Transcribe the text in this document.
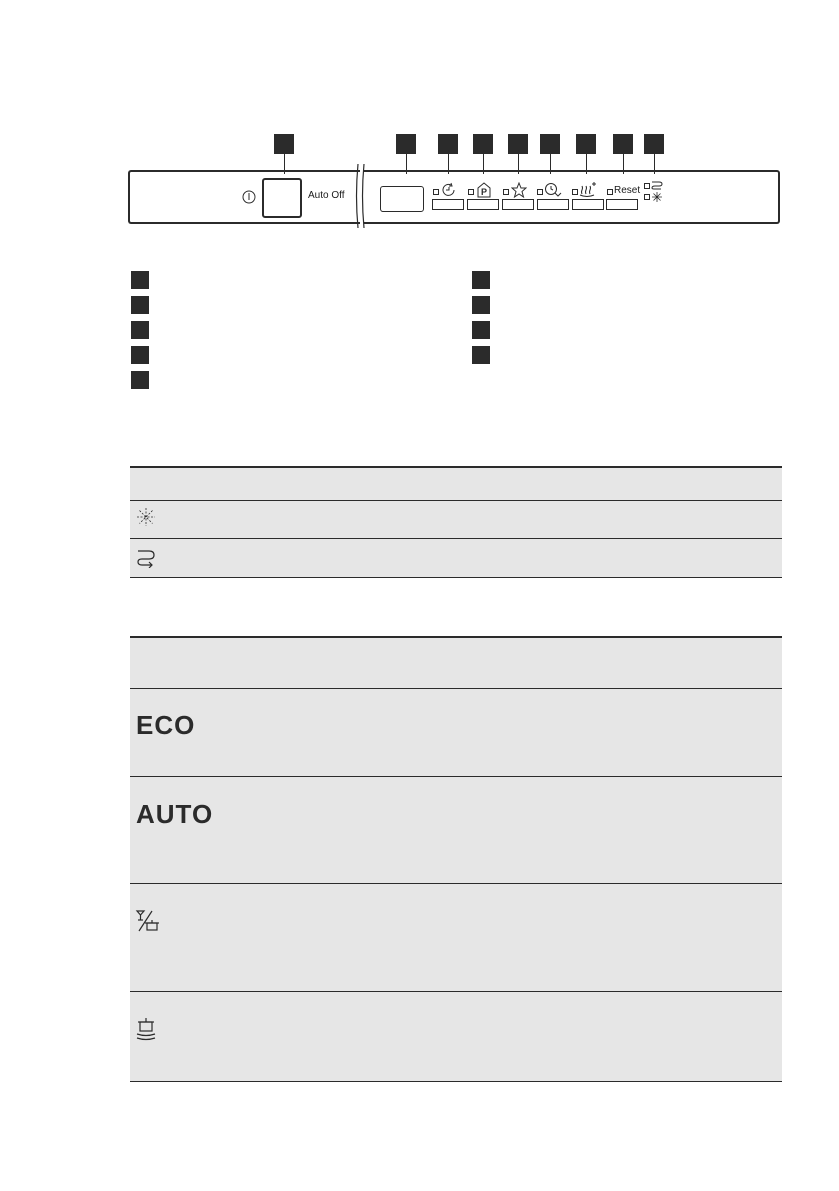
Auto Off	P	Reset
ECO
AUTO
